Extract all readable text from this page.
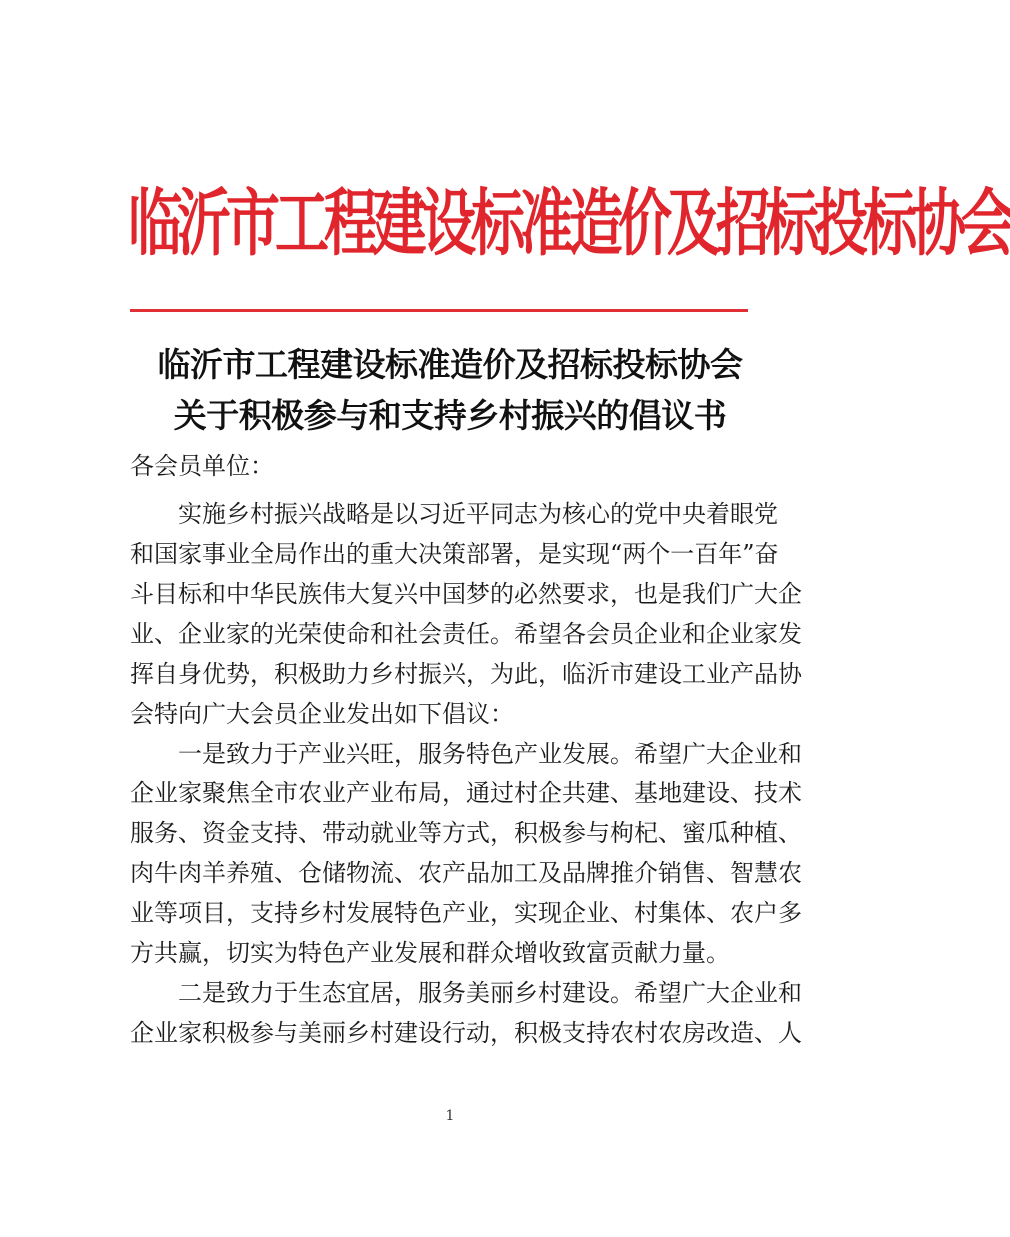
临沂市工程建设标准造价及招标投标协会
临沂市工程建设标准造价及招标投标协会
关于积极参与和支持乡村振兴的倡议书
各会员单位：
实施乡村振兴战略是以习近平同志为核心的党中央着眼党
和国家事业全局作出的重大决策部署，是实现“两个一百年”奋
斗目标和中华民族伟大复兴中国梦的必然要求，也是我们广大企
业、企业家的光荣使命和社会责任。希望各会员企业和企业家发
挥自身优势，积极助力乡村振兴，为此，临沂市建设工业产品协
会特向广大会员企业发出如下倡议：
一是致力于产业兴旺，服务特色产业发展。希望广大企业和
企业家聚焦全市农业产业布局，通过村企共建、基地建设、技术
服务、资金支持、带动就业等方式，积极参与枸杞、蜜瓜种植、
肉牛肉羊养殖、仓储物流、农产品加工及品牌推介销售、智慧农
业等项目，支持乡村发展特色产业，实现企业、村集体、农户多
方共赢，切实为特色产业发展和群众增收致富贡献力量。
1
二是致力于生态宜居，服务美丽乡村建设。希望广大企业和
企业家积极参与美丽乡村建设行动，积极支持农村农房改造、人
